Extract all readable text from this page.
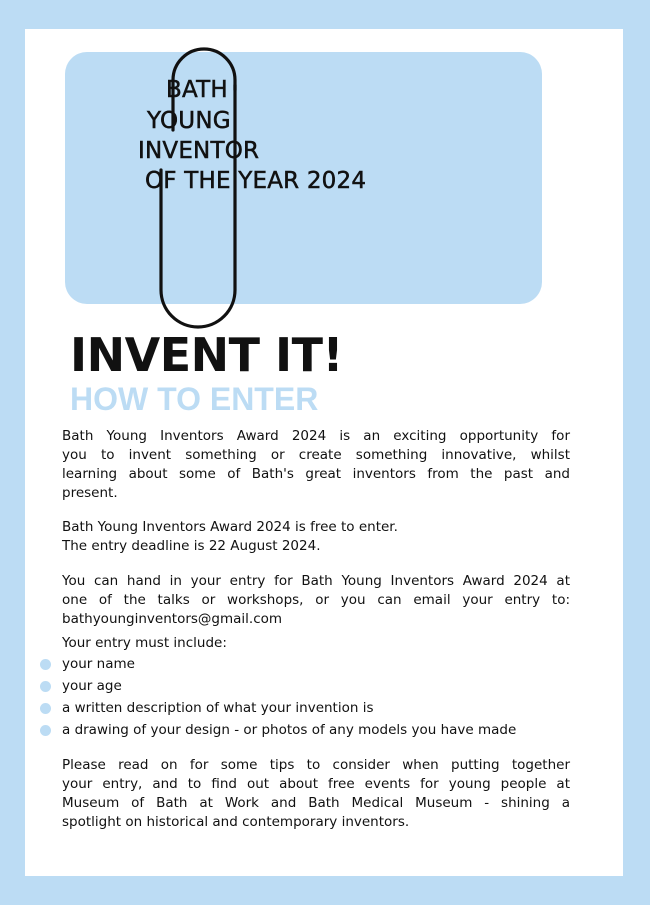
BATH
YOUNG
INVENTOR
OF THE YEAR 2024
INVENT IT!
HOW TO ENTER

Bath Young Inventors Award 2024 is an exciting opportunity for
you to invent something or create something innovative, whilst
learning about some of Bath's great inventors from the past and
present.

Bath Young Inventors Award 2024 is free to enter.
The entry deadline is 22 August 2024.

You can hand in your entry for Bath Young Inventors Award 2024 at
one of the talks or workshops, or you can email your entry to:
bathyounginventors@gmail.com

Your entry must include:

your name
your age
a written description of what your invention is
a drawing of your design - or photos of any models you have made

Please read on for some tips to consider when putting together
your entry, and to find out about free events for young people at
Museum of Bath at Work and Bath Medical Museum - shining a
spotlight on historical and contemporary inventors.
